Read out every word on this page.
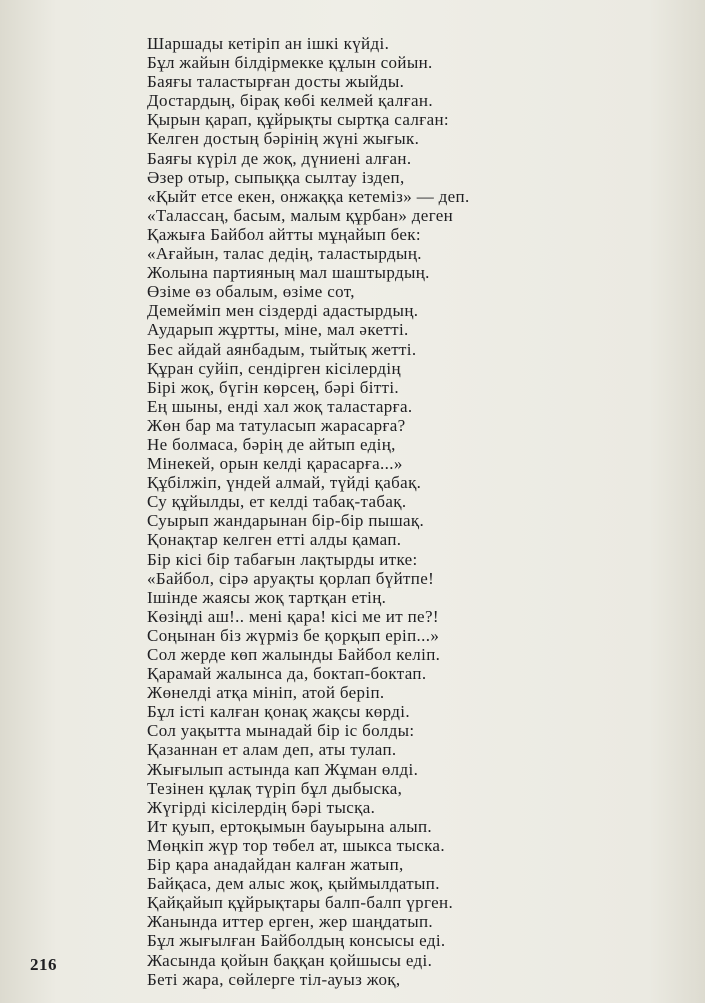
Шаршады кетіріп ан ішкі күйді.
Бұл жайын білдірмекке құлын сойын.
Баяғы таластырған досты жыйды.
Достардың, бірақ көбі келмей қалған.
Қырын қарап, құйрықты сыртқа салған:
Келген достың бәрінің жүні жығык.
Баяғы күріл де жоқ, дүниені алған.
Әзер отыр, сыпыққа сылтау іздеп,
«Қыйт етсе екен, онжаққа кетеміз» — деп.
«Талассаң, басым, малым құрбан» деген
Қажыға Байбол айтты мұңайып бек:
«Ағайын, талас дедің, таластырдың.
Жолына партияның мал шаштырдың.
Өзіме өз обалым, өзіме сот,
Демейміп мен сіздерді адастырдың.
Аударып жұртты, міне, мал әкетті.
Бес айдай аянбадым, тыйтық жетті.
Құран суйіп, сендірген кісілердің
Бірі жоқ, бүгін көрсең, бәрі бітті.
Ең шыны, енді хал жоқ таластарға.
Жөн бар ма татуласып жарасарға?
Не болмаса, бәрің де айтып едің,
Мінекей, орын келді қарасарға...»
Құбілжіп, үндей алмай, түйді қабақ.
Су құйылды, ет келді табақ-табақ.
Суырып жандарынан бір-бір пышақ.
Қонақтар келген етті алды қамап.
Бір кісі бір табағын лақтырды итке:
«Байбол, сірә аруақты қорлап бүйтпе!
Ішінде жаясы жоқ тартқан етің.
Көзіңді аш!.. мені қара! кісі ме ит пе?!
Соңынан біз жүрміз бе қорқып еріп...»
Сол жерде көп жалынды Байбол келіп.
Қарамай жалынса да, боктап-боктап.
Жөнелді атқа мініп, атой беріп.
Бұл істі калған қонақ жақсы көрді.
Сол уақытта мынадай бір іс болды:
Қазаннан ет алам деп, аты тулап.
Жығылып астында кап Жұман өлді.
Тезінен құлақ түріп бұл дыбыска,
Жүгірді кісілердің бәрі тысқа.
Ит қуып, ертоқымын бауырына алып.
Мөңкіп жүр тор төбел ат, шыкса тыска.
Бір қара анадайдан калған жатып,
Байқаса, дем алыс жоқ, қыймылдатып.
Қайқайып құйрықтары балп-балп үрген.
Жанында иттер ерген, жер шаңдатып.
Бұл жығылған Байболдың консысы еді.
Жасында қойын баққан қойшысы еді.
Беті жара, сөйлерге тіл-ауыз жоқ,
216
